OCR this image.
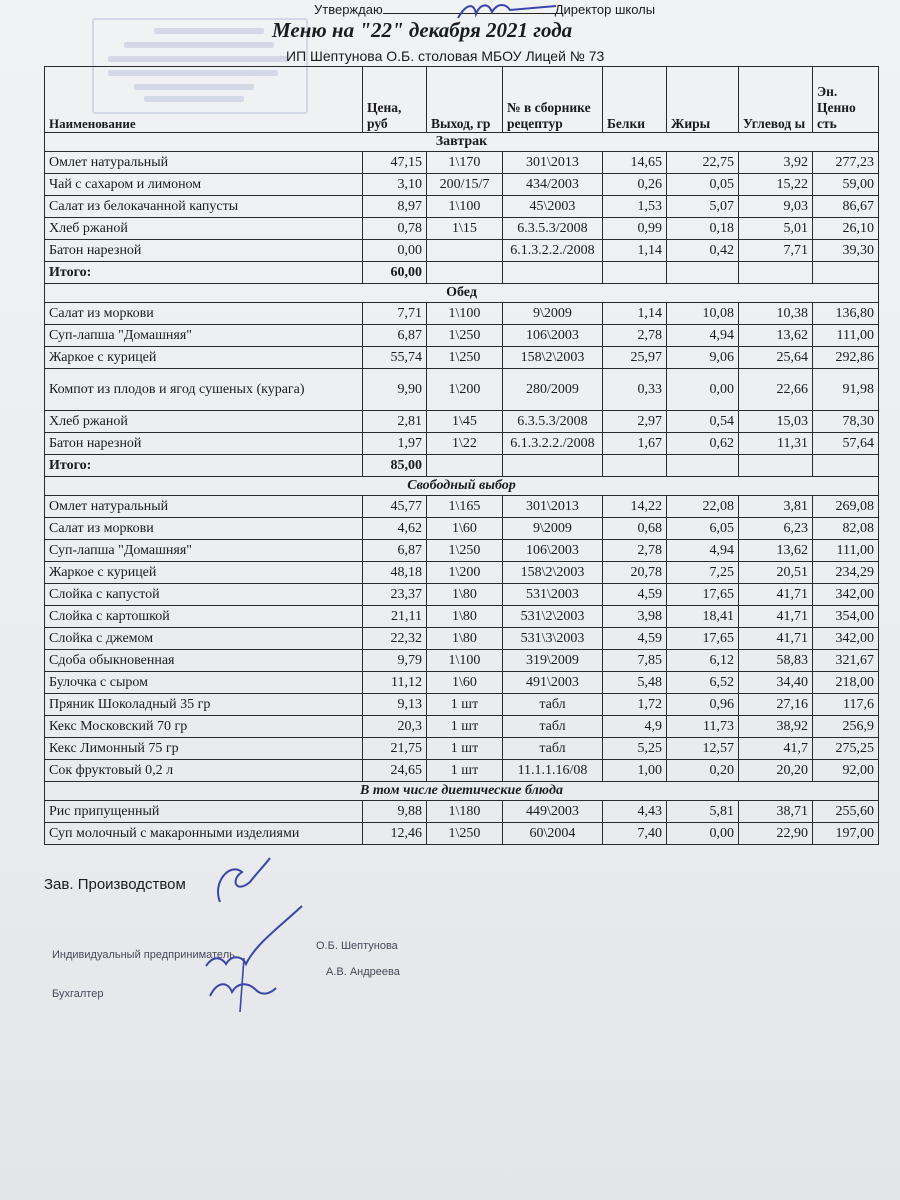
Утверждаю	Директор школы
Меню на "22" декабря 2021 года
ИП Шептунова О.Б. столовая МБОУ Лицей № 73
Наименование	Цена, руб	Выход, гр	№ в сборнике рецептур	Белки	Жиры	Углевод ы	Эн. Ценно сть
Завтрак							
Омлет натуральный	47,15	1\170	301\2013	14,65	22,75	3,92	277,23
Чай с сахаром и лимоном	3,10	200/15/7	434/2003	0,26	0,05	15,22	59,00
Салат из белокачанной капусты	8,97	1\100	45\2003	1,53	5,07	9,03	86,67
Хлеб ржаной	0,78	1\15	6.3.5.3/2008	0,99	0,18	5,01	26,10
Батон нарезной	0,00		6.1.3.2.2./2008	1,14	0,42	7,71	39,30
Итого:	60,00						
Обед							
Салат из моркови	7,71	1\100	9\2009	1,14	10,08	10,38	136,80
Суп-лапша "Домашняя"	6,87	1\250	106\2003	2,78	4,94	13,62	111,00
Жаркое с курицей	55,74	1\250	158\2\2003	25,97	9,06	25,64	292,86
Компот из плодов и ягод сушеных (курага)	9,90	1\200	280/2009	0,33	0,00	22,66	91,98
Хлеб ржаной	2,81	1\45	6.3.5.3/2008	2,97	0,54	15,03	78,30
Батон нарезной	1,97	1\22	6.1.3.2.2./2008	1,67	0,62	11,31	57,64
Итого:	85,00						
Свободный выбор							
Омлет натуральный	45,77	1\165	301\2013	14,22	22,08	3,81	269,08
Салат из моркови	4,62	1\60	9\2009	0,68	6,05	6,23	82,08
Суп-лапша "Домашняя"	6,87	1\250	106\2003	2,78	4,94	13,62	111,00
Жаркое с курицей	48,18	1\200	158\2\2003	20,78	7,25	20,51	234,29
Слойка с капустой	23,37	1\80	531\2003	4,59	17,65	41,71	342,00
Слойка с картошкой	21,11	1\80	531\2\2003	3,98	18,41	41,71	354,00
Слойка с джемом	22,32	1\80	531\3\2003	4,59	17,65	41,71	342,00
Сдоба обыкновенная	9,79	1\100	319\2009	7,85	6,12	58,83	321,67
Булочка с сыром	11,12	1\60	491\2003	5,48	6,52	34,40	218,00
Пряник Шоколадный 35 гр	9,13	1 шт	табл	1,72	0,96	27,16	117,6
Кекс Московский 70 гр	20,3	1 шт	табл	4,9	11,73	38,92	256,9
Кекс Лимонный 75 гр	21,75	1 шт	табл	5,25	12,57	41,7	275,25
Сок фруктовый 0,2 л	24,65	1 шт	11.1.1.16/08	1,00	0,20	20,20	92,00
В том числе диетические блюда							
Рис припущенный	9,88	1\180	449\2003	4,43	5,81	38,71	255,60
Суп молочный с макаронными изделиями	12,46	1\250	60\2004	7,40	0,00	22,90	197,00
Зав. Производством
Индивидуальный предприниматель
Бухгалтер
О.Б. Шептунова
А.В. Андреева
